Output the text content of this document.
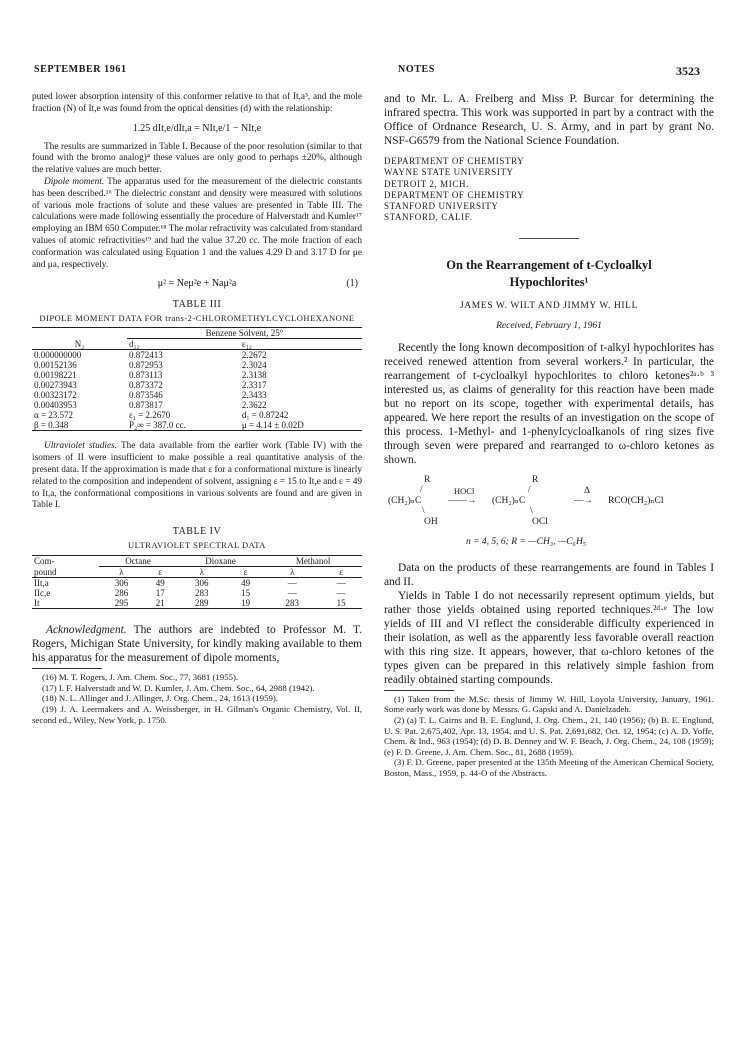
SEPTEMBER 1961	NOTES	3523

puted lower absorption intensity of this conformer relative to that of It,a³, and the mole fraction (N) of It,e was found from the optical densities (d) with the relationship:

1.25 dIt,e/dIt,a = NIt,e/1 − NIt,e

The results are summarized in Table I. Because of the poor resolution (similar to that found with the bromo analog)⁴ these values are only good to perhaps ±20%, although the relative values are much better.

Dipole moment. The apparatus used for the measurement of the dielectric constants has been described.¹⁶ The dielectric constant and density were measured with solutions of various mole fractions of solute and these values are presented in Table III. The calculations were made following essentially the procedure of Halverstadt and Kumler¹⁷ employing an IBM 650 Computer.¹⁸ The molar refractivity was calculated from standard values of atomic refractivities¹⁹ and had the value 37.20 cc. The mole fraction of each conformation was calculated using Equation 1 and the values 4.29 D and 3.17 D for μe and μa, respectively.

μ² = Neμ²e + Naμ²a	(1)
TABLE III
DIPOLE MOMENT DATA FOR trans-2-CHLOROMETHYLCYCLOHEXANONE
	Benzene Solvent, 25°	
N₂	d₁₂	ε₁₂
0.000000000	0.872413	2.2672
0.00152136	0.872953	2.3024
0.00198221	0.873113	2.3138
0.00273943	0.873372	2.3317
0.00323172	0.873546	2.3433
0.00403953	0.873817	2.3622
α = 23.572	ε₁ = 2.2670	d₁ = 0.87242
β = 0.348	P₂∞ = 387.0 cc.	μ = 4.14 ± 0.02D

Ultraviolet studies. The data available from the earlier work (Table IV) with the isomers of II were insufficient to make possible a real quantitative analysis of the present data. If the approximation is made that ε for a conformational mixture is linearly related to the composition and independent of solvent, assigning ε = 15 to It,e and ε = 49 to It,a, the conformational compositions in various solvents are found and are given in Table I.

TABLE IV
ULTRAVIOLET SPECTRAL DATA
Com-	Octane		Dioxane		Methanol	
pound	λ	ε	λ	ε	λ	ε
IIt,a	306	49	306	49	—	—
IIc,e	286	17	283	15	—	—
It	295	21	289	19	283	15

Acknowledgment. The authors are indebted to Professor M. T. Rogers, Michigan State University, for kindly making available to them his apparatus for the measurement of dipole moments,

(16) M. T. Rogers, J. Am. Chem. Soc., 77, 3681 (1955).

(17) I. F. Halverstadt and W. D. Kumler, J. Am. Chem. Soc., 64, 2988 (1942).

(18) N. L. Allinger and J. Allinger, J. Org. Chem., 24, 1613 (1959).

(19) J. A. Leermakers and A. Weissberger, in H. Gilman's Organic Chemistry, Vol. II, second ed., Wiley, New York, p. 1750.

and to Mr. L. A. Freiberg and Miss P. Burcar for determining the infrared spectra. This work was supported in part by a contract with the Office of Ordnance Research, U. S. Army, and in part by grant No. NSF-G6579 from the National Science Foundation.

DEPARTMENT OF CHEMISTRY
WAYNE STATE UNIVERSITY
DETROIT 2, MICH.
DEPARTMENT OF CHEMISTRY
STANFORD UNIVERSITY
STANFORD, CALIF.
On the Rearrangement of t-Cycloalkyl
Hypochlorites¹
JAMES W. WILT AND JIMMY W. HILL
Received, February 1, 1961

Recently the long known decomposition of t-alkyl hypochlorites has received renewed attention from several workers.² In particular, the rearrangement of t-cycloalkyl hypochlorites to chloro ketones²ᵃ·ᵇ ³ interested us, as claims of generality for this reaction have been made but no report on its scope, together with experimental details, has appeared. We here report the results of an investigation on the scope of this process. 1-Methyl- and 1-phenylcycloalkanols of ring sizes five through seven were prepared and rearranged to ω-chloro ketones as shown.

R	R
/	/
(CH₂)ₙC
HOCl
——→ (CH₂)ₙC
Δ
—→ RCO(CH₂)ₙCl
\	\
OH	OCl
n = 4, 5, 6; R = —CH₃, —C₆H₅

Data on the products of these rearrangements are found in Tables I and II.

Yields in Table I do not necessarily represent optimum yields, but rather those yields obtained using reported techniques.²ᵈ·ᵉ The low yields of III and VI reflect the considerable difficulty experienced in their isolation, as well as the apparently less favorable overall reaction with this ring size. It appears, however, that ω-chloro ketones of the types given can be prepared in this relatively simple fashion from readily obtained starting compounds.

(1) Taken from the M.Sc. thesis of Jimmy W. Hill, Loyola University, January, 1961. Some early work was done by Messrs. G. Gapski and A. Danielzadeh.

(2) (a) T. L. Cairns and B. E. Englund, J. Org. Chem., 21, 140 (1956); (b) B. E. Englund, U. S. Pat. 2,675,402, Apr. 13, 1954, and U. S. Pat. 2,691,682, Oct. 12, 1954; (c) A. D. Yoffe, Chem. & Ind., 963 (1954); (d) D. B. Denney and W. F. Beach, J. Org. Chem., 24, 108 (1959); (e) F. D. Greene, J. Am. Chem. Soc., 81, 2688 (1959).

(3) F. D. Greene, paper presented at the 135th Meeting of the American Chemical Society, Boston, Mass., 1959, p. 44-O of the Abstracts.
